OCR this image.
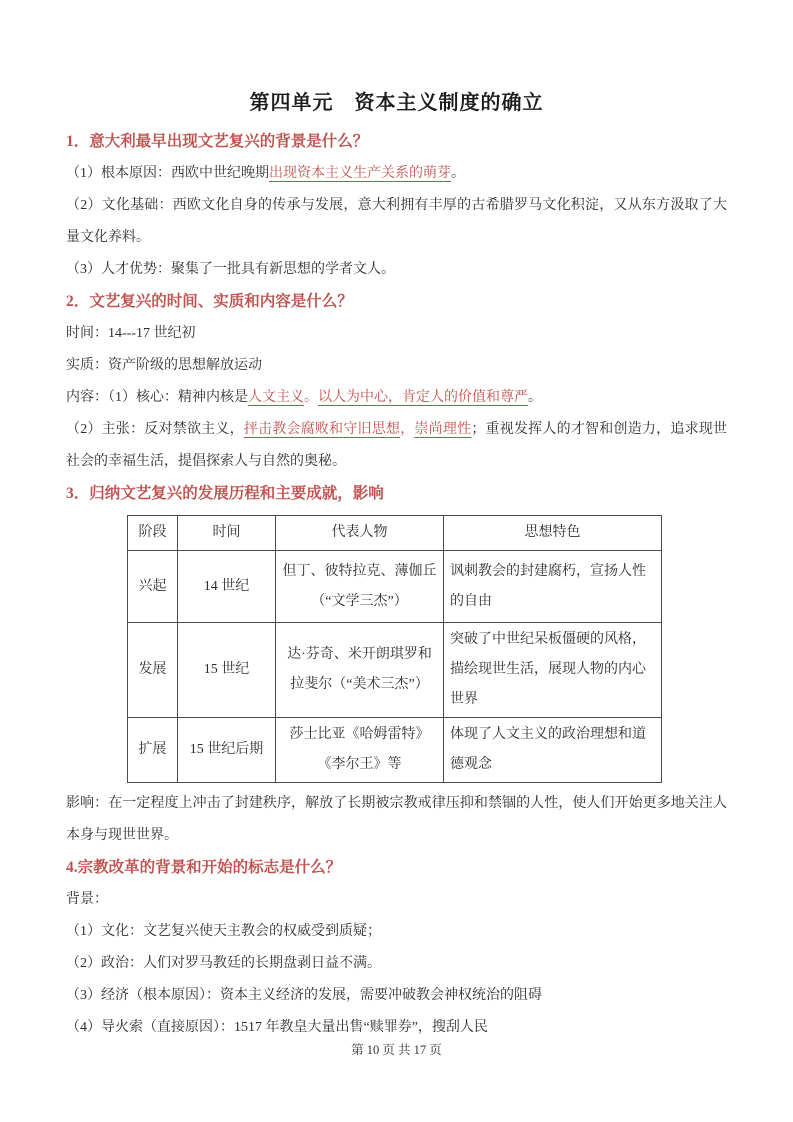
第四单元　资本主义制度的确立
1．意大利最早出现文艺复兴的背景是什么？

（1）根本原因：西欧中世纪晚期出现资本主义生产关系的萌芽。

（2）文化基础：西欧文化自身的传承与发展，意大利拥有丰厚的古希腊罗马文化积淀，又从东方汲取了大量文化养料。

（3）人才优势：聚集了一批具有新思想的学者文人。

2．文艺复兴的时间、实质和内容是什么？

时间：14---17 世纪初

实质：资产阶级的思想解放运动

内容：（1）核心：精神内核是人文主义。以人为中心，肯定人的价值和尊严。

（2）主张：反对禁欲主义，抨击教会腐败和守旧思想，崇尚理性；重视发挥人的才智和创造力，追求现世社会的幸福生活，提倡探索人与自然的奥秘。

3．归纳文艺复兴的发展历程和主要成就，影响
阶段	时间	代表人物	思想特色
兴起	14 世纪	但丁、彼特拉克、薄伽丘（“文学三杰”）	讽刺教会的封建腐朽，宣扬人性的自由
发展	15 世纪	达·芬奇、米开朗琪罗和拉斐尔（“美术三杰”）	突破了中世纪呆板僵硬的风格，描绘现世生活，展现人物的内心世界
扩展	15 世纪后期	莎士比亚《哈姆雷特》《李尔王》等	体现了人文主义的政治理想和道德观念

影响：在一定程度上冲击了封建秩序，解放了长期被宗教戒律压抑和禁锢的人性，使人们开始更多地关注人本身与现世世界。

4.宗教改革的背景和开始的标志是什么？

背景：

（1）文化：文艺复兴使天主教会的权威受到质疑；

（2）政治：人们对罗马教廷的长期盘剥日益不满。

（3）经济（根本原因）：资本主义经济的发展，需要冲破教会神权统治的阻碍

（4）导火索（直接原因）：1517 年教皇大量出售“赎罪券”，搜刮人民

第 10 页 共 17 页
